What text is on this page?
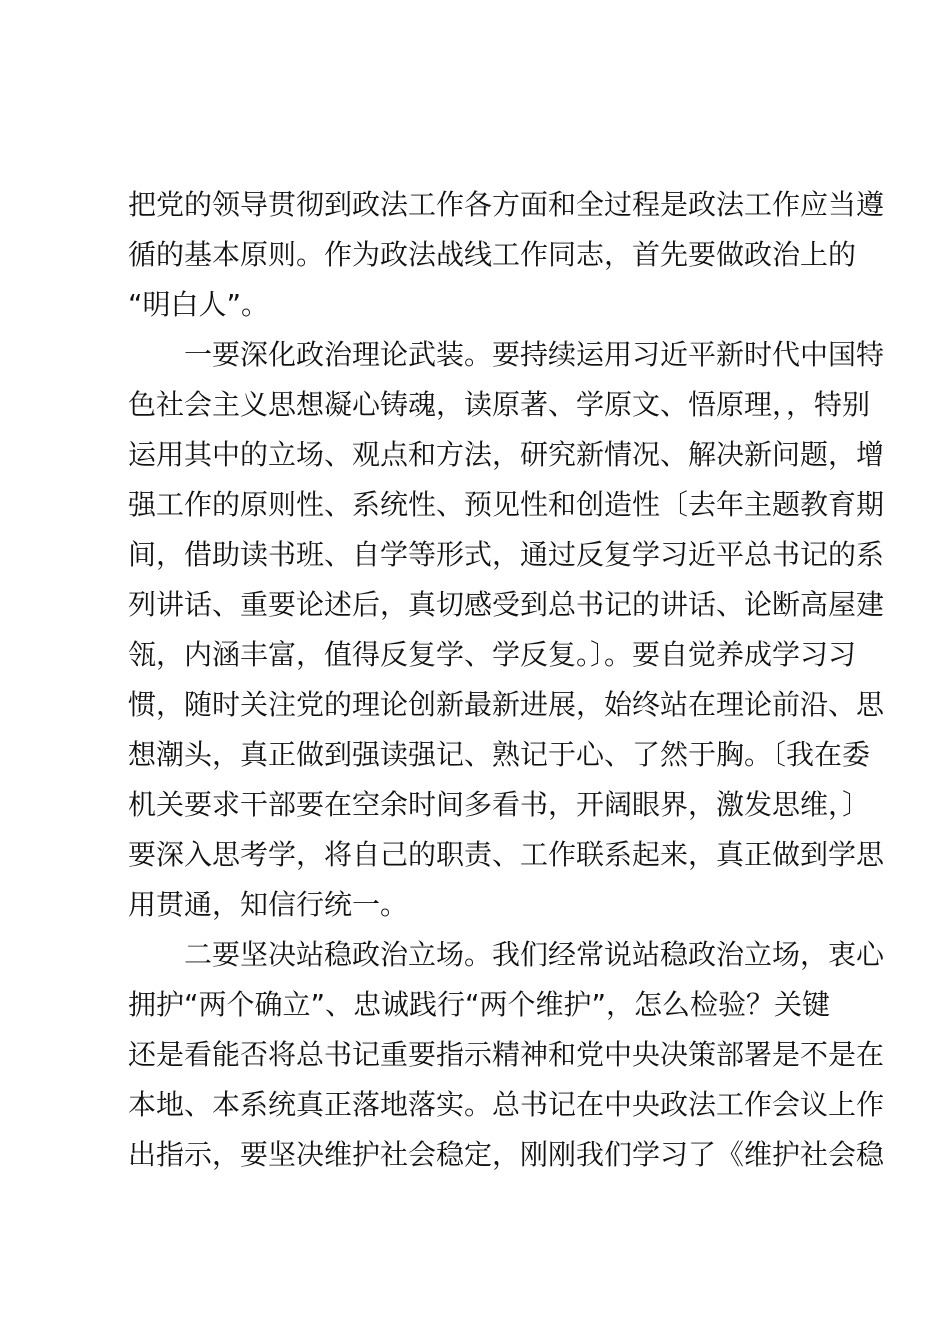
把党的领导贯彻到政法工作各方面和全过程是政法工作应当遵
循的基本原则。作为政法战线工作同志，首先要做政治上的
“明白人”。
　　一要深化政治理论武装。要持续运用习近平新时代中国特
色社会主义思想凝心铸魂，读原著、学原文、悟原理，，特别
运用其中的立场、观点和方法，研究新情况、解决新问题，增
强工作的原则性、系统性、预见性和创造性〔去年主题教育期
间，借助读书班、自学等形式，通过反复学习近平总书记的系
列讲话、重要论述后，真切感受到总书记的讲话、论断高屋建
瓴，内涵丰富，值得反复学、学反复。〕。要自觉养成学习习
惯，随时关注党的理论创新最新进展，始终站在理论前沿、思
想潮头，真正做到强读强记、熟记于心、了然于胸。〔我在委
机关要求干部要在空余时间多看书，开阔眼界，激发思维，〕
要深入思考学，将自己的职责、工作联系起来，真正做到学思
用贯通，知信行统一。
　　二要坚决站稳政治立场。我们经常说站稳政治立场，衷心
拥护“两个确立”、忠诚践行“两个维护”，怎么检验？关键
还是看能否将总书记重要指示精神和党中央决策部署是不是在
本地、本系统真正落地落实。总书记在中央政法工作会议上作
出指示，要坚决维护社会稳定，刚刚我们学习了《维护社会稳
